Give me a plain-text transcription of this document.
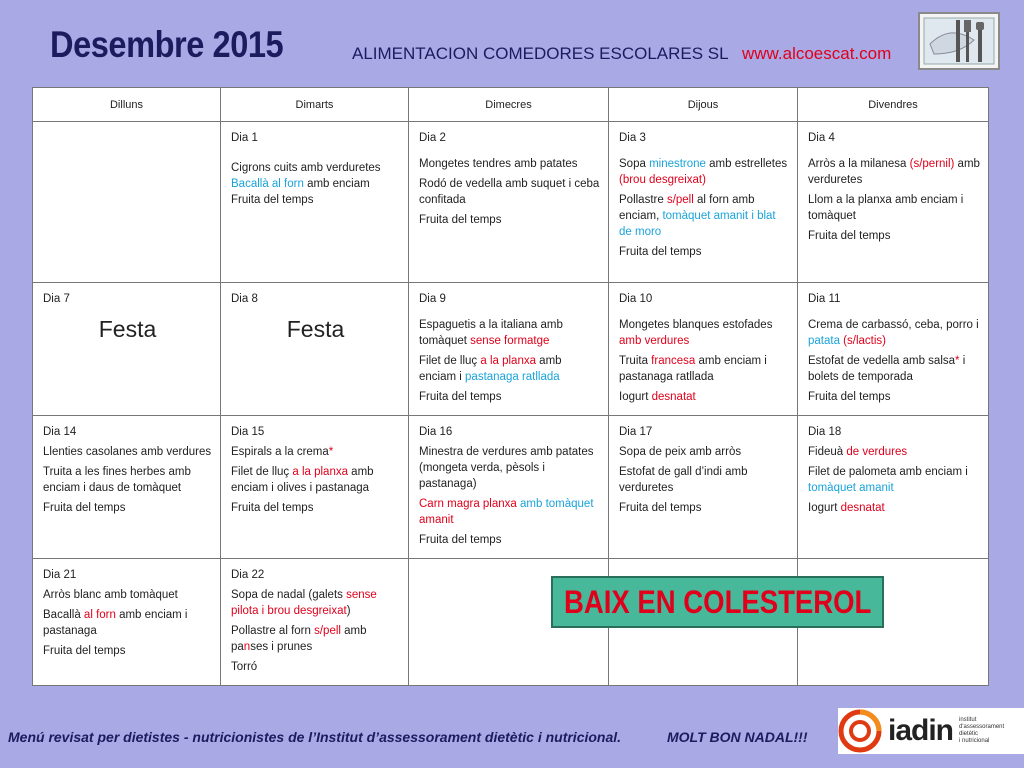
Desembre 2015	ALIMENTACION COMEDORES ESCOLARES SL www.alcoescat.com
Dilluns	Dimarts	Dimecres	Dijous	Divendres

	Dia 1
Cigrons cuits amb verduretes
Bacallà al forn amb enciam
Fruita del temps	Dia 2
Mongetes tendres amb patates
Rodó de vedella amb suquet i ceba confitada
Fruita del temps	Dia 3
Sopa minestrone amb estrelletes (brou desgreixat)
Pollastre s/pell al forn amb enciam, tomàquet amanit i blat de moro
Fruita del temps	Dia 4
Arròs a la milanesa (s/pernil) amb verduretes
Llom a la planxa amb enciam i tomàquet
Fruita del temps

Dia 7
Festa	Dia 8
Festa	Dia 9
Espaguetis a la italiana amb tomàquet sense formatge
Filet de lluç a la planxa amb enciam i pastanaga ratllada
Fruita del temps	Dia 10
Mongetes blanques estofades amb verdures
Truita francesa amb enciam i pastanaga ratllada
Iogurt desnatat	Dia 11
Crema de carbassó, ceba, porro i patata (s/lactis)
Estofat de vedella amb salsa* i bolets de temporada
Fruita del temps

Dia 14
Llenties casolanes amb verdures
Truita a les fines herbes amb enciam i daus de tomàquet
Fruita del temps	Dia 15
Espirals a la crema*
Filet de lluç a la planxa amb enciam i olives i pastanaga
Fruita del temps	Dia 16
Minestra de verdures amb patates (mongeta verda, pèsols i pastanaga)
Carn magra planxa amb tomàquet amanit
Fruita del temps	Dia 17
Sopa de peix amb arròs
Estofat de gall d’indi amb verduretes
Fruita del temps	Dia 18
Fideuà de verdures
Filet de palometa amb enciam i tomàquet amanit
Iogurt desnatat

Dia 21
Arròs blanc amb tomàquet
Bacallà al forn amb enciam i pastanaga
Fruita del temps	Dia 22
Sopa de nadal (galets sense pilota i brou desgreixat)
Pollastre al forn s/pell amb panses i prunes
Torró			

BAIX EN COLESTEROL
Menú revisat per dietistes - nutricionistes de l’Institut d’assessorament dietètic i nutricional.	MOLT BON NADAL!!!	iadin institut
d'assessorament
dietètic
i nutricional
